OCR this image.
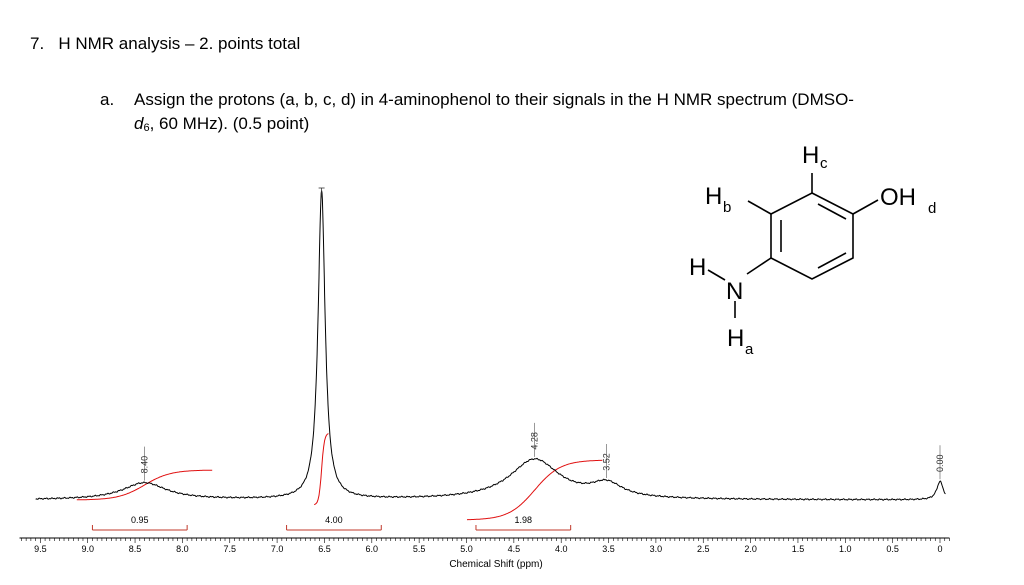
7. H NMR analysis – 2. points total
a. Assign the protons (a, b, c, d) in 4-aminophenol to their signals in the H NMR spectrum (DMSO-
$d_6$, 60 MHz). (0.5 point)
H c
H b	OH d
H
N
H a
9.5	9.0	8.5	8.0	7.5	7.0	6.5	6.0	5.5	5.0	4.5	4.0	3.5	3.0	2.5	2.0	1.5	1.0	0.5	0
8.40
4.28
3.52	0.00
0.95	4.00	1.98
Chemical Shift (ppm)
